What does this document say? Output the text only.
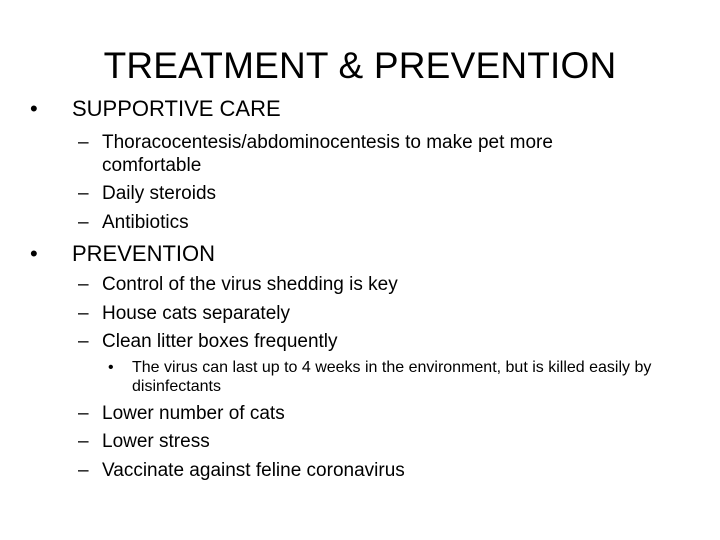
TREATMENT & PREVENTION
• SUPPORTIVE CARE
– Thoracocentesis/abdominocentesis to make pet more comfortable
– Daily steroids
– Antibiotics
• PREVENTION
– Control of the virus shedding is key
– House cats separately
– Clean litter boxes frequently
• The virus can last up to 4 weeks in the environment, but is killed easily by disinfectants
– Lower number of cats
– Lower stress
– Vaccinate against feline coronavirus
